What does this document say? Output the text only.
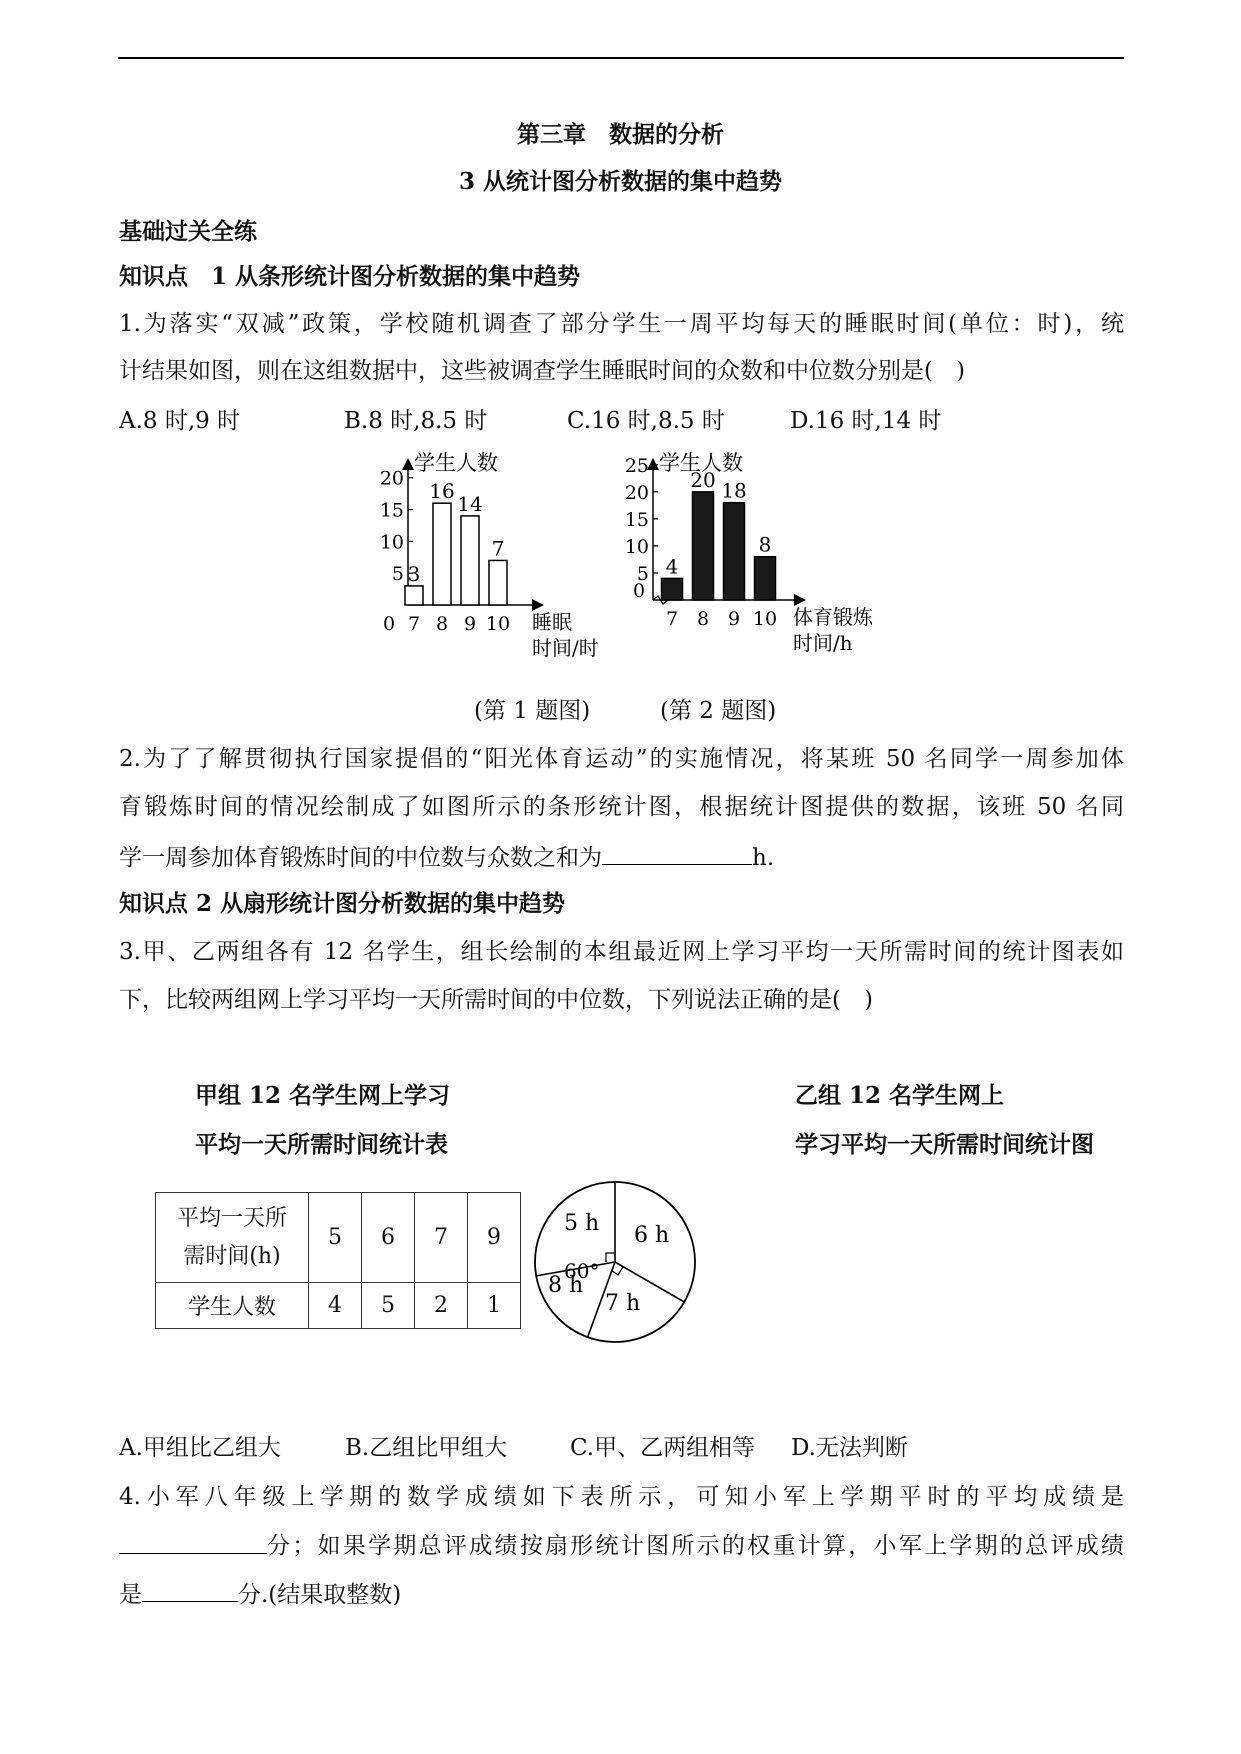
第三章　数据的分析
3 从统计图分析数据的集中趋势
基础过关全练
知识点　1 从条形统计图分析数据的集中趋势
1.为落实“双减”政策，学校随机调查了部分学生一周平均每天的睡眠时间(单位：时)，统
计结果如图，则在这组数据中，这些被调查学生睡眠时间的众数和中位数分别是(　)
A.8 时,9 时	B.8 时,8.5 时	C.16 时,8.5 时	D.16 时,14 时
学生人数
5
10
15
20
0
3
7
16
8
14
9
7
10 睡眠
时间/时
学生人数
5
10
15
20
25
0
4
7
20
8
18
9
8
10 体育锻炼
时间/h
(第 1 题图)	(第 2 题图)
2.为了了解贯彻执行国家提倡的“阳光体育运动”的实施情况，将某班 50 名同学一周参加体
育锻炼时间的情况绘制成了如图所示的条形统计图，根据统计图提供的数据，该班 50 名同
学一周参加体育锻炼时间的中位数与众数之和为	h.
知识点 2 从扇形统计图分析数据的集中趋势
3.甲、乙两组各有 12 名学生，组长绘制的本组最近网上学习平均一天所需时间的统计图表如
下，比较两组网上学习平均一天所需时间的中位数，下列说法正确的是(　)
甲组 12 名学生网上学习
平均一天所需时间统计表
乙组 12 名学生网上
学习平均一天所需时间统计图
平均一天所
需时间(h)	5	6	7	9
学生人数	4	5	2	1
5 h 6 h
7 h
8 h
60°
A.甲组比乙组大	B.乙组比甲组大	C.甲、乙两组相等 D.无法判断
4.小军八年级上学期的数学成绩如下表所示，可知小军上学期平时的平均成绩是
分；如果学期总评成绩按扇形统计图所示的权重计算，小军上学期的总评成绩
是	分.(结果取整数)
